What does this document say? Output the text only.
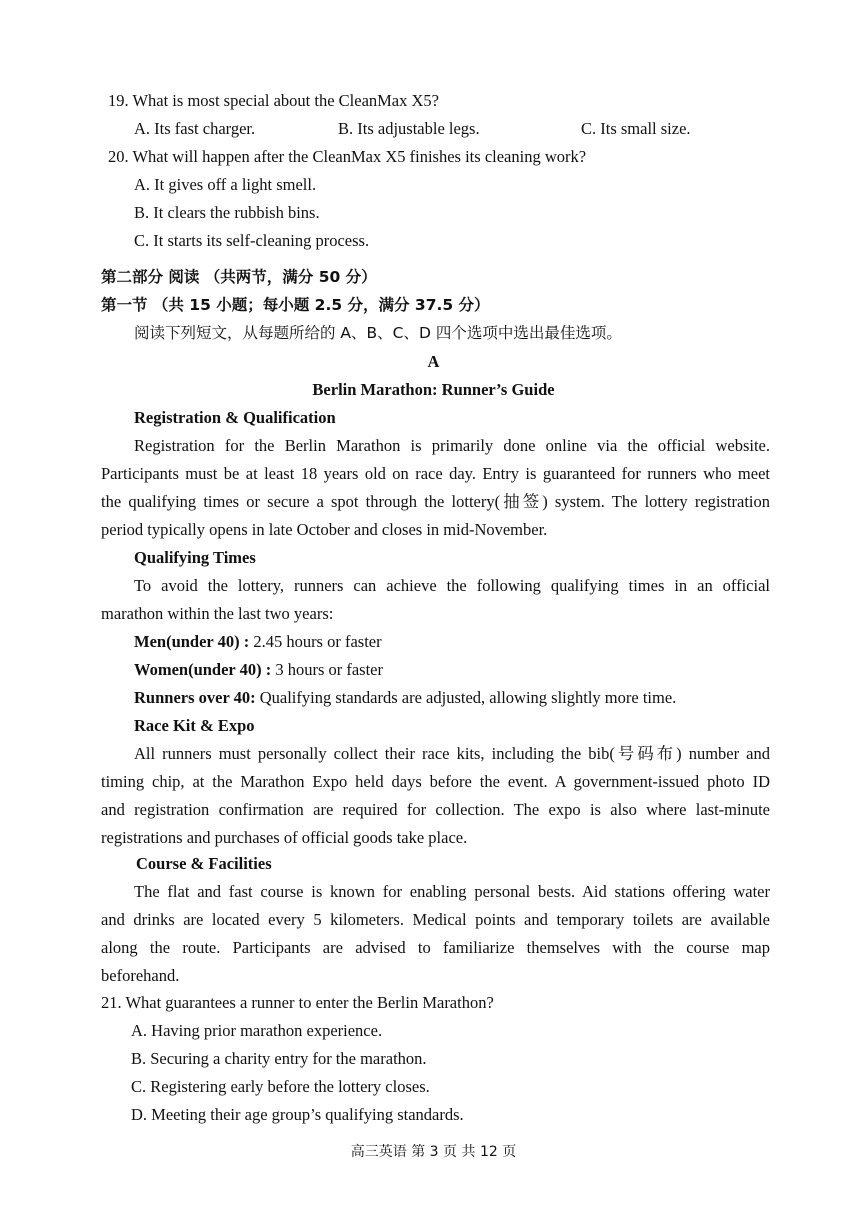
19. What is most special about the CleanMax X5?
A. Its fast charger.	B. Its adjustable legs.	C. Its small size.
20. What will happen after the CleanMax X5 finishes its cleaning work?
A. It gives off a light smell.
B. It clears the rubbish bins.
C. It starts its self-cleaning process.
第二部分 阅读 （共两节，满分 50 分）
第一节 （共 15 小题；每小题 2.5 分，满分 37.5 分）
阅读下列短文，从每题所给的 A、B、C、D 四个选项中选出最佳选项。
A
Berlin Marathon: Runner’s Guide
Registration & Qualification
Registration for the Berlin Marathon is primarily done online via the official website.
Participants must be at least 18 years old on race day. Entry is guaranteed for runners who meet
the qualifying times or secure a spot through the lottery(抽签) system. The lottery registration
period typically opens in late October and closes in mid-November.
Qualifying Times
To avoid the lottery, runners can achieve the following qualifying times in an official
marathon within the last two years:
Men(under 40) : 2.45 hours or faster
Women(under 40) : 3 hours or faster
Runners over 40: Qualifying standards are adjusted, allowing slightly more time.
Race Kit & Expo
All runners must personally collect their race kits, including the bib(号码布) number and
timing chip, at the Marathon Expo held days before the event. A government-issued photo ID
and registration confirmation are required for collection. The expo is also where last-minute
registrations and purchases of official goods take place.
Course & Facilities
The flat and fast course is known for enabling personal bests. Aid stations offering water
and drinks are located every 5 kilometers. Medical points and temporary toilets are available
along the route. Participants are advised to familiarize themselves with the course map
beforehand.
21. What guarantees a runner to enter the Berlin Marathon?
A. Having prior marathon experience.
B. Securing a charity entry for the marathon.
C. Registering early before the lottery closes.
D. Meeting their age group’s qualifying standards.
高三英语 第 3 页 共 12 页
